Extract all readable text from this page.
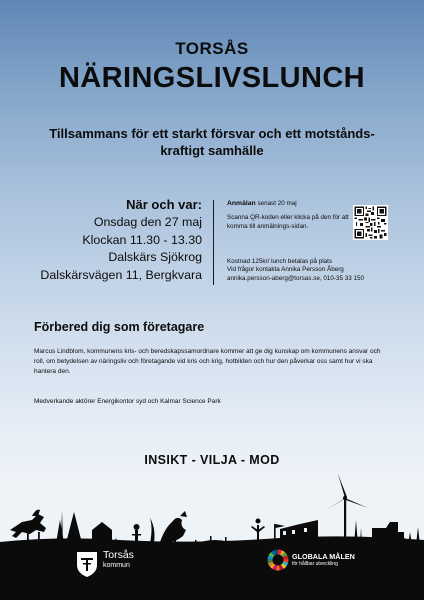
TORSÅS
NÄRINGSLIVSLUNCH
Tillsammans för ett starkt försvar och ett motstånds-kraftigt samhälle
När och var:
Onsdag den 27 maj
Klockan 11.30 - 13.30
Dalskärs Sjökrog
Dalskärsvägen 11, Bergkvara

Anmälan senast 20 maj

Scanna QR-koden eller klicka på den för att komma till anmälnings-sidan.

Kostnad 125kr/ lunch betalas på plats
Vid frågor kontakta Annika Persson Åberg
annika.persson-aberg@torsas.se, 010-35 33 150
Förbered dig som företagare
Marcus Lindblom, kommunens kris- och beredskapssamordnare kommer att ge dig kunskap om kommunens ansvar och roll, om betydelsen av näringsliv och företagande vid kris och krig, hotbilden och hur den påverkar oss samt hur vi ska hantera den.
Medverkande aktörer Energikontor syd och Kalmar Science Park
INSIKT - VILJA - MOD
Torsås
kommun
GLOBALA MÅLEN
för hållbar utveckling
